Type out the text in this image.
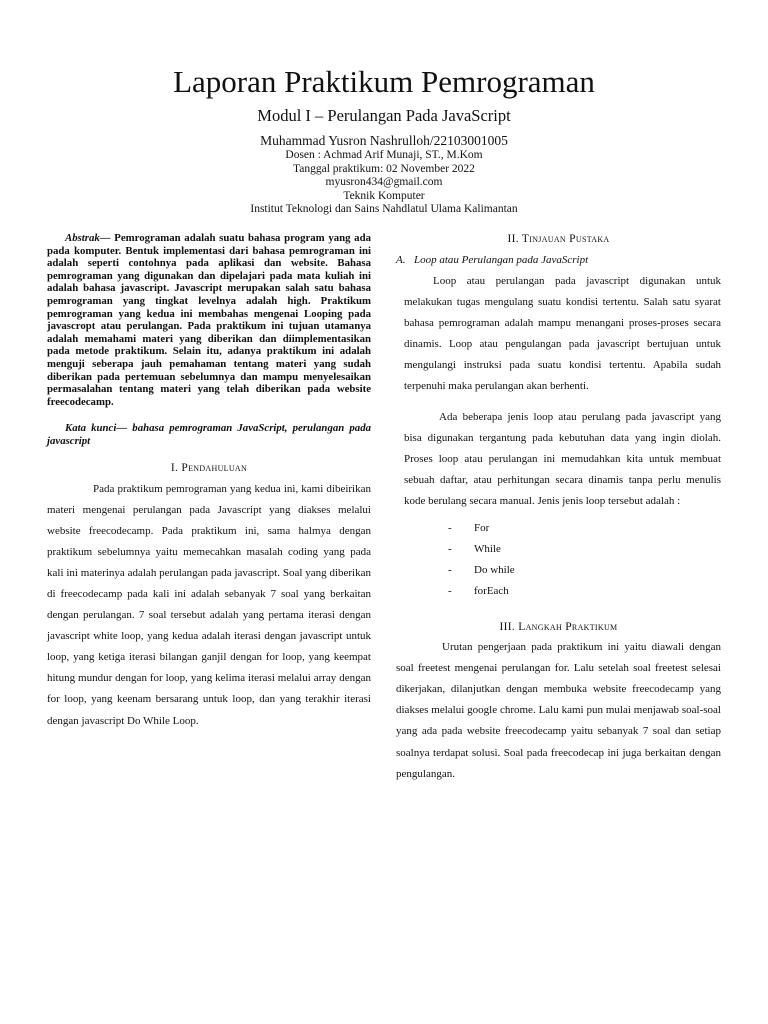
Laporan Praktikum Pemrograman
Modul I – Perulangan Pada JavaScript
Muhammad Yusron Nashrulloh/22103001005
Dosen : Achmad Arif Munaji, ST., M.Kom
Tanggal praktikum: 02 November 2022
myusron434@gmail.com
Teknik Komputer
Institut Teknologi dan Sains Nahdlatul Ulama Kalimantan

Abstrak— Pemrograman adalah suatu bahasa program yang ada pada komputer. Bentuk implementasi dari bahasa pemrograman ini adalah seperti contohnya pada aplikasi dan website. Bahasa pemrograman yang digunakan dan dipelajari pada mata kuliah ini adalah bahasa javascript. Javascript merupakan salah satu bahasa pemrograman yang tingkat levelnya adalah high. Praktikum pemrograman yang kedua ini membahas mengenai Looping pada javascropt atau perulangan. Pada praktikum ini tujuan utamanya adalah memahami materi yang diberikan dan diimplementasikan pada metode praktikum. Selain itu, adanya praktikum ini adalah menguji seberapa jauh pemahaman tentang materi yang sudah diberikan pada pertemuan sebelumnya dan mampu menyelesaikan permasalahan tentang materi yang telah diberikan pada website freecodecamp.

Kata kunci— bahasa pemrograman JavaScript, perulangan pada javascript

I. Pendahuluan

Pada praktikum pemrograman yang kedua ini, kami dibeirikan materi mengenai perulangan pada Javascript yang diakses melalui website freecodecamp. Pada praktikum ini, sama halmya dengan praktikum sebelumnya yaitu memecahkan masalah coding yang pada kali ini materinya adalah perulangan pada javascript. Soal yang diberikan di freecodecamp pada kali ini adalah sebanyak 7 soal yang berkaitan dengan perulangan. 7 soal tersebut adalah yang pertama iterasi dengan javascript white loop, yang kedua adalah iterasi dengan javascript untuk loop, yang ketiga iterasi bilangan ganjil dengan for loop, yang keempat hitung mundur dengan for loop, yang kelima iterasi melalui array dengan for loop, yang keenam bersarang untuk loop, dan yang terakhir iterasi dengan javascript Do While Loop.

II. Tinjauan Pustaka

A. Loop atau Perulangan pada JavaScript

Loop atau perulangan pada javascript digunakan untuk melakukan tugas mengulang suatu kondisi tertentu. Salah satu syarat bahasa pemrograman adalah mampu menangani proses-proses secara dinamis. Loop atau pengulangan pada javascript bertujuan untuk mengulangi instruksi pada suatu kondisi tertentu. Apabila sudah terpenuhi maka perulangan akan berhenti.

Ada beberapa jenis loop atau perulang pada javascript yang bisa digunakan tergantung pada kebutuhan data yang ingin diolah. Proses loop atau perulangan ini memudahkan kita untuk membuat sebuah daftar, atau perhitungan secara dinamis tanpa perlu menulis kode berulang secara manual. Jenis jenis loop tersebut adalah :

- For
- While
- Do while
- forEach

III. Langkah Praktikum

Urutan pengerjaan pada praktikum ini yaitu diawali dengan soal freetest mengenai perulangan for. Lalu setelah soal freetest selesai dikerjakan, dilanjutkan dengan membuka website freecodecamp yang diakses melalui google chrome. Lalu kami pun mulai menjawab soal-soal yang ada pada website freecodecamp yaitu sebanyak 7 soal dan setiap soalnya terdapat solusi. Soal pada freecodecap ini juga berkaitan dengan pengulangan.
